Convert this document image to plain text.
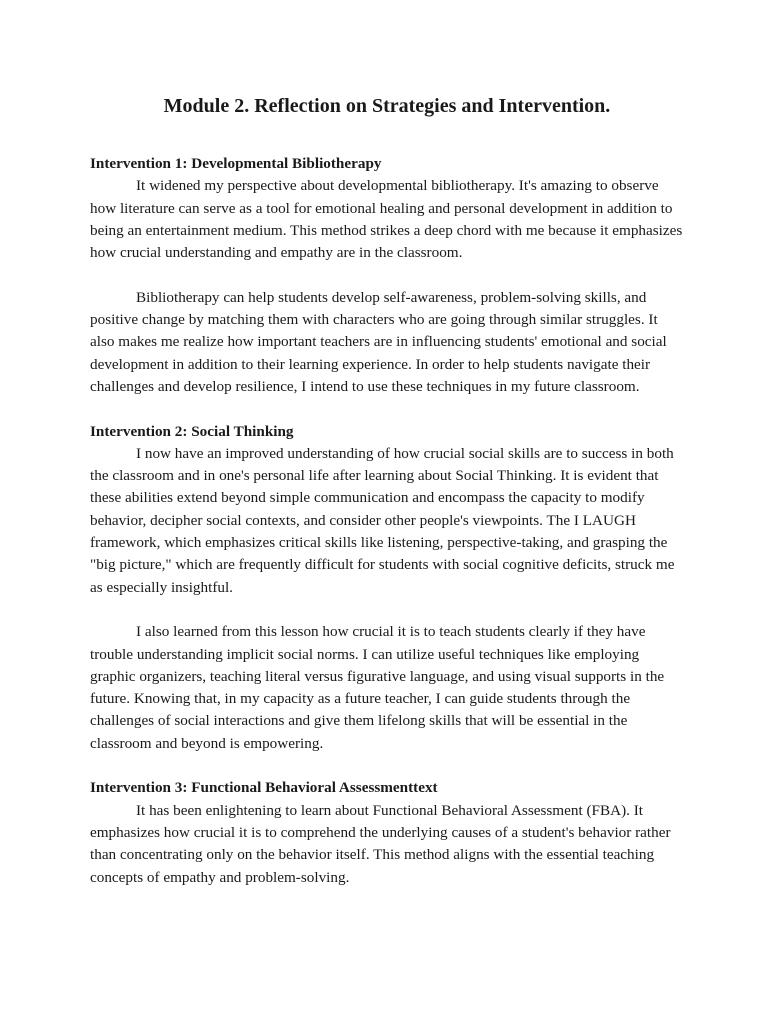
Module 2. Reflection on Strategies and Intervention.

Intervention 1: Developmental Bibliotherapy

It widened my perspective about developmental bibliotherapy. It's amazing to observe how literature can serve as a tool for emotional healing and personal development in addition to being an entertainment medium. This method strikes a deep chord with me because it emphasizes how crucial understanding and empathy are in the classroom.

Bibliotherapy can help students develop self-awareness, problem-solving skills, and positive change by matching them with characters who are going through similar struggles. It also makes me realize how important teachers are in influencing students' emotional and social development in addition to their learning experience. In order to help students navigate their challenges and develop resilience, I intend to use these techniques in my future classroom.

Intervention 2: Social Thinking

I now have an improved understanding of how crucial social skills are to success in both the classroom and in one's personal life after learning about Social Thinking. It is evident that these abilities extend beyond simple communication and encompass the capacity to modify behavior, decipher social contexts, and consider other people's viewpoints. The I LAUGH framework, which emphasizes critical skills like listening, perspective-taking, and grasping the "big picture," which are frequently difficult for students with social cognitive deficits, struck me as especially insightful.

I also learned from this lesson how crucial it is to teach students clearly if they have trouble understanding implicit social norms. I can utilize useful techniques like employing graphic organizers, teaching literal versus figurative language, and using visual supports in the future. Knowing that, in my capacity as a future teacher, I can guide students through the challenges of social interactions and give them lifelong skills that will be essential in the classroom and beyond is empowering.

Intervention 3: Functional Behavioral Assessmenttext

It has been enlightening to learn about Functional Behavioral Assessment (FBA). It emphasizes how crucial it is to comprehend the underlying causes of a student's behavior rather than concentrating only on the behavior itself. This method aligns with the essential teaching concepts of empathy and problem-solving.
